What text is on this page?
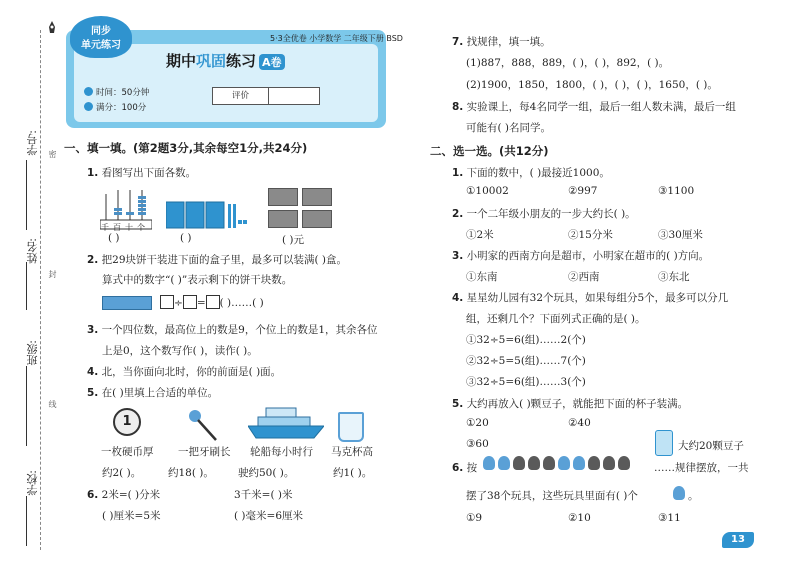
学号:
姓名:
班级:
学校:
密
封
线
同步
单元练习
5·3全优卷 小学数学 二年级下册 BSD
期中巩固练习 A卷
时间：50分钟
满分：100分
评价
一、填一填。(第2题3分,其余每空1分,共24分)
1. 看图写出下面各数。
千 百 十 个
( )	( )	( )元
2. 把29块饼干装进下面的盒子里，最多可以装满( )盒。
算式中的数字“( )”表示剩下的饼干块数。
÷ = ( )……( )
3. 一个四位数，最高位上的数是9，个位上的数是1，其余各位
上是0，这个数写作( )，读作( )。
4. 北，当你面向北时，你的前面是( )面。
5. 在( )里填上合适的单位。
1
一枚硬币厚 一把牙刷长 轮船每小时行 马克杯高
约2( )。	约18( )。 驶约50( )。	约1( )。
6. 2米=( )分米	3千米=( )米
( )厘米=5米	( )毫米=6厘米
7. 找规律，填一填。
(1)887，888，889，( )，( )，892，( )。
(2)1900，1850，1800，( )，( )，( )，1650，( )。
8. 实验课上，每4名同学一组，最后一组人数未满，最后一组
可能有( )名同学。
二、选一选。(共12分)
1. 下面的数中，( )最接近1000。
①10002	②997	③1100
2. 一个二年级小朋友的一步大约长( )。
①2米	②15分米	③30厘米
3. 小明家的西南方向是超市，小明家在超市的( )方向。
①东南	②西南	③东北
4. 星星幼儿园有32个玩具，如果每组分5个，最多可以分几
组，还剩几个？下面列式正确的是( )。
①32÷5=6(组)……2(个)
②32÷5=5(组)……7(个)
③32÷5=6(组)……3(个)
5. 大约再放入( )颗豆子，就能把下面的杯子装满。
①20	②40
③60	大约20颗豆子
6. 按	……规律摆放，一共
摆了38个玩具，这些玩具里面有( )个	。
①9	②10	③11
13
